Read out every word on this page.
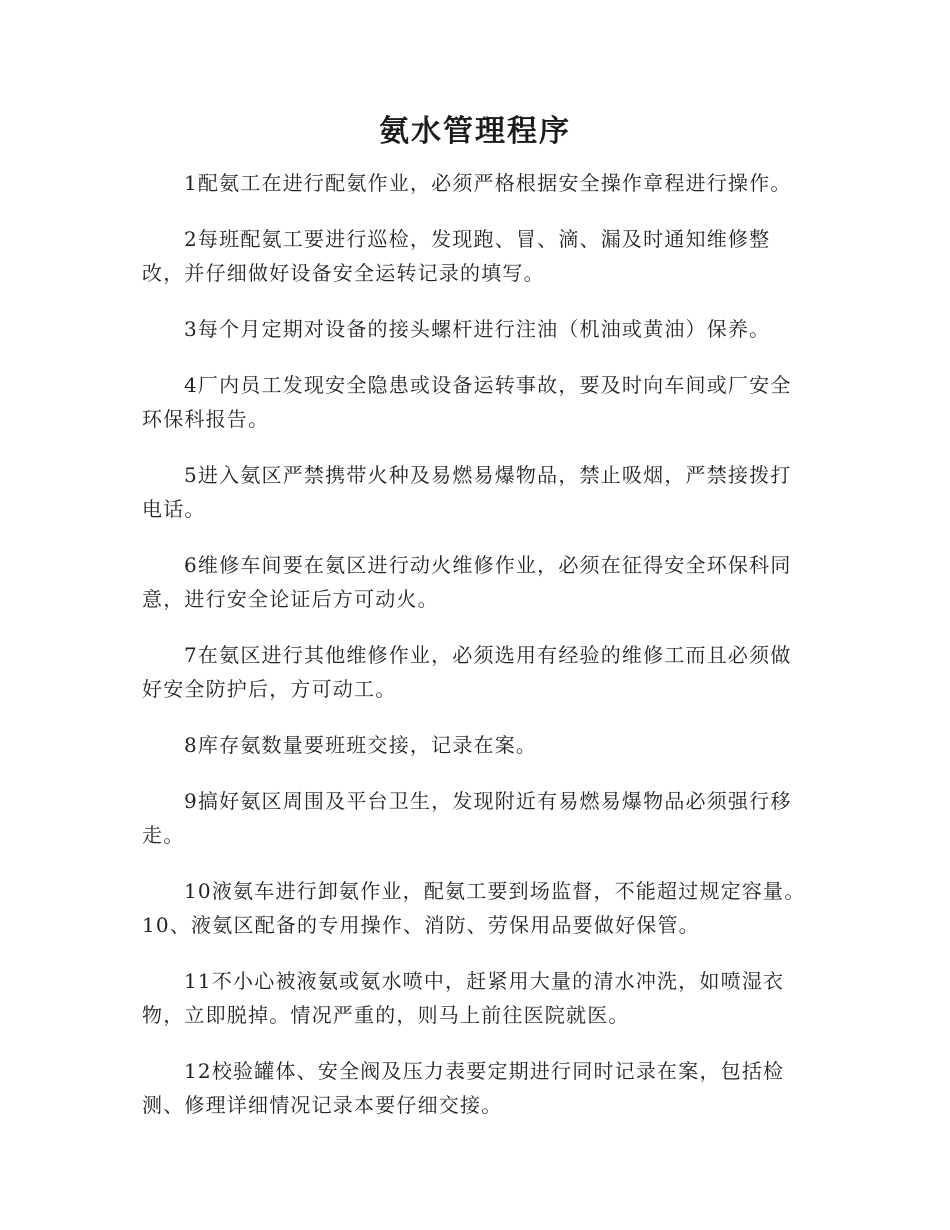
氨水管理程序

1配氨工在进行配氨作业，必须严格根据安全操作章程进行操作。

2每班配氨工要进行巡检，发现跑、冒、滴、漏及时通知维修整改，并仔细做好设备安全运转记录的填写。

3每个月定期对设备的接头螺杆进行注油（机油或黄油）保养。

4厂内员工发现安全隐患或设备运转事故，要及时向车间或厂安全环保科报告。

5进入氨区严禁携带火种及易燃易爆物品，禁止吸烟，严禁接拨打电话。

6维修车间要在氨区进行动火维修作业，必须在征得安全环保科同意，进行安全论证后方可动火。

7在氨区进行其他维修作业，必须选用有经验的维修工而且必须做好安全防护后，方可动工。

8库存氨数量要班班交接，记录在案。

9搞好氨区周围及平台卫生，发现附近有易燃易爆物品必须强行移走。

10液氨车进行卸氨作业，配氨工要到场监督，不能超过规定容量。10、液氨区配备的专用操作、消防、劳保用品要做好保管。

11不小心被液氨或氨水喷中，赶紧用大量的清水冲洗，如喷湿衣物，立即脱掉。情况严重的，则马上前往医院就医。

12校验罐体、安全阀及压力表要定期进行同时记录在案，包括检测、修理详细情况记录本要仔细交接。
